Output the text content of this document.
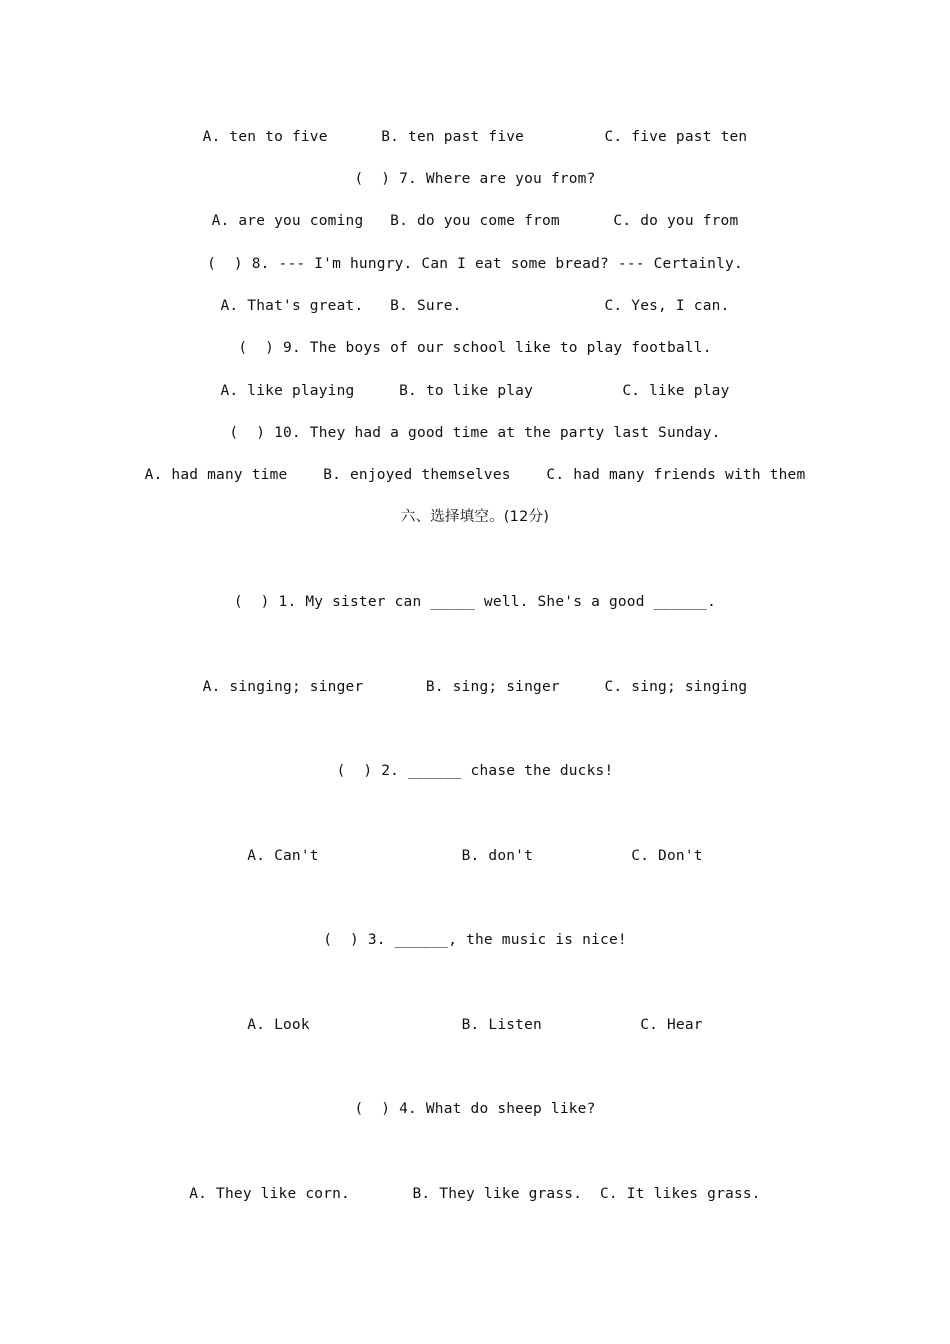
A. ten to five      B. ten past five         C. five past ten
(  ) 7. Where are you from?
A. are you coming   B. do you come from      C. do you from
(  ) 8. --- I'm hungry. Can I eat some bread? --- Certainly.
A. That's great.   B. Sure.                C. Yes, I can.
(  ) 9. The boys of our school like to play football.
A. like playing     B. to like play          C. like play
(  ) 10. They had a good time at the party last Sunday.
A. had many time    B. enjoyed themselves    C. had many friends with them
六、选择填空。(12分)
(  ) 1. My sister can _____ well. She's a good ______.
A. singing; singer       B. sing; singer     C. sing; singing
(  ) 2. ______ chase the ducks!
A. Can't                B. don't           C. Don't
(  ) 3. ______, the music is nice!
A. Look                 B. Listen           C. Hear
(  ) 4. What do sheep like?
A. They like corn.       B. They like grass.  C. It likes grass.
